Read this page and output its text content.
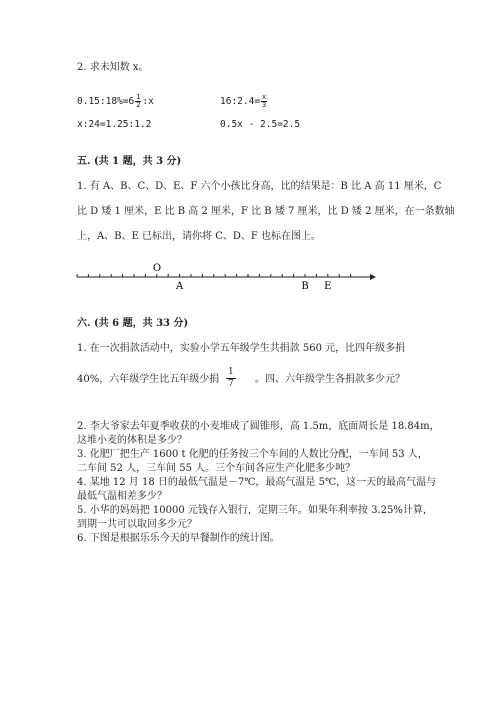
2. 求未知数 x。
0.15:18%=6 $\frac{1}{2}$ :x	16:2.4= $\frac{x}{3}$
x:24=1.25:1.2	0.5x - 2.5=2.5
五. (共 1 题，共 3 分)
1. 有 A、B、C、D、E、F 六个小孩比身高，比的结果是：B 比 A 高 11 厘米，C
比 D 矮 1 厘米，E 比 B 高 2 厘米，F 比 B 矮 7 厘米，比 D 矮 2 厘米，在一条数轴
上，A、B、E 已标出，请你将 C、D、F 也标在图上。
O
A	B E
六. (共 6 题，共 33 分)
1. 在一次捐款活动中，实验小学五年级学生共捐款 560 元，比四年级多捐
40%，六年级学生比五年级少捐 $\frac{1}{7}$ 。四、六年级学生各捐款多少元？
2. 李大爷家去年夏季收获的小麦堆成了圆锥形，高 1.5m，底面周长是 18.84m，
这堆小麦的体积是多少？
3. 化肥厂把生产 1600 t 化肥的任务按三个车间的人数比分配，一车间 53 人，
二车间 52 人，三车间 55 人。三个车间各应生产化肥多少吨？
4. 某地 12 月 18 日的最低气温是－7℃，最高气温是 5℃，这一天的最高气温与
最低气温相差多少？
5. 小华的妈妈把 10000 元钱存入银行，定期三年。如果年利率按 3.25%计算，
到期一共可以取回多少元？
6. 下图是根据乐乐今天的早餐制作的统计图。
